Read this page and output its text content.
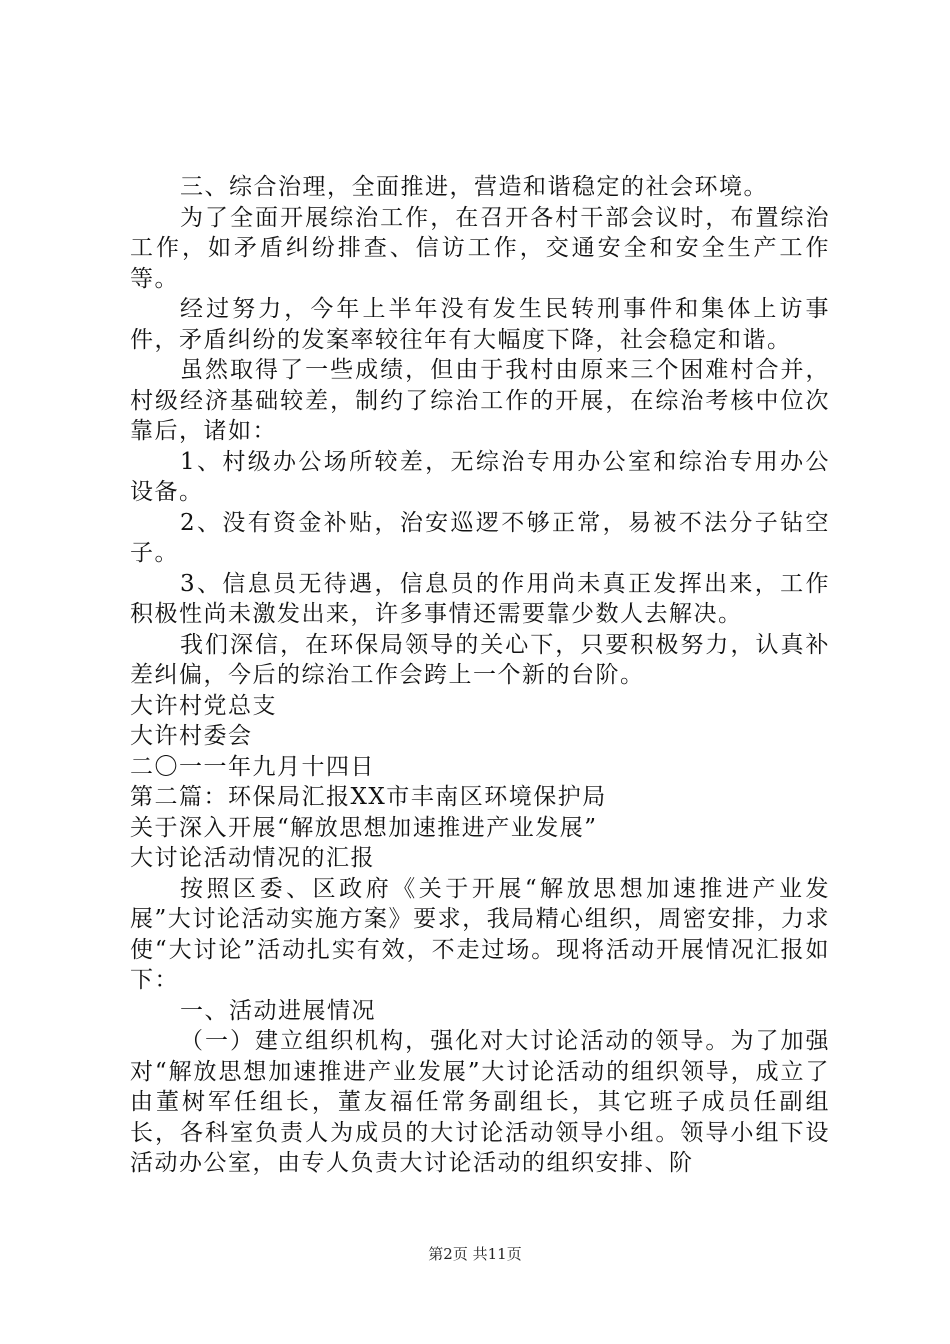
三、综合治理，全面推进，营造和谐稳定的社会环境。

为了全面开展综治工作，在召开各村干部会议时，布置综治工作，如矛盾纠纷排查、信访工作，交通安全和安全生产工作等。

经过努力，今年上半年没有发生民转刑事件和集体上访事件，矛盾纠纷的发案率较往年有大幅度下降，社会稳定和谐。

虽然取得了一些成绩，但由于我村由原来三个困难村合并，村级经济基础较差，制约了综治工作的开展，在综治考核中位次靠后，诸如：

1、村级办公场所较差，无综治专用办公室和综治专用办公设备。

2、没有资金补贴，治安巡逻不够正常，易被不法分子钻空子。

3、信息员无待遇，信息员的作用尚未真正发挥出来，工作积极性尚未激发出来，许多事情还需要靠少数人去解决。

我们深信，在环保局领导的关心下，只要积极努力，认真补差纠偏，今后的综治工作会跨上一个新的台阶。

大许村党总支

大许村委会

二〇一一年九月十四日

第二篇：环保局汇报XX市丰南区环境保护局

关于深入开展“解放思想加速推进产业发展”

大讨论活动情况的汇报

按照区委、区政府《关于开展“解放思想加速推进产业发展”大讨论活动实施方案》要求，我局精心组织，周密安排，力求使“大讨论”活动扎实有效，不走过场。现将活动开展情况汇报如下：

一、活动进展情况

（一）建立组织机构，强化对大讨论活动的领导。为了加强对“解放思想加速推进产业发展”大讨论活动的组织领导，成立了由董树军任组长，董友福任常务副组长，其它班子成员任副组长，各科室负责人为成员的大讨论活动领导小组。领导小组下设活动办公室，由专人负责大讨论活动的组织安排、阶

第2页 共11页
